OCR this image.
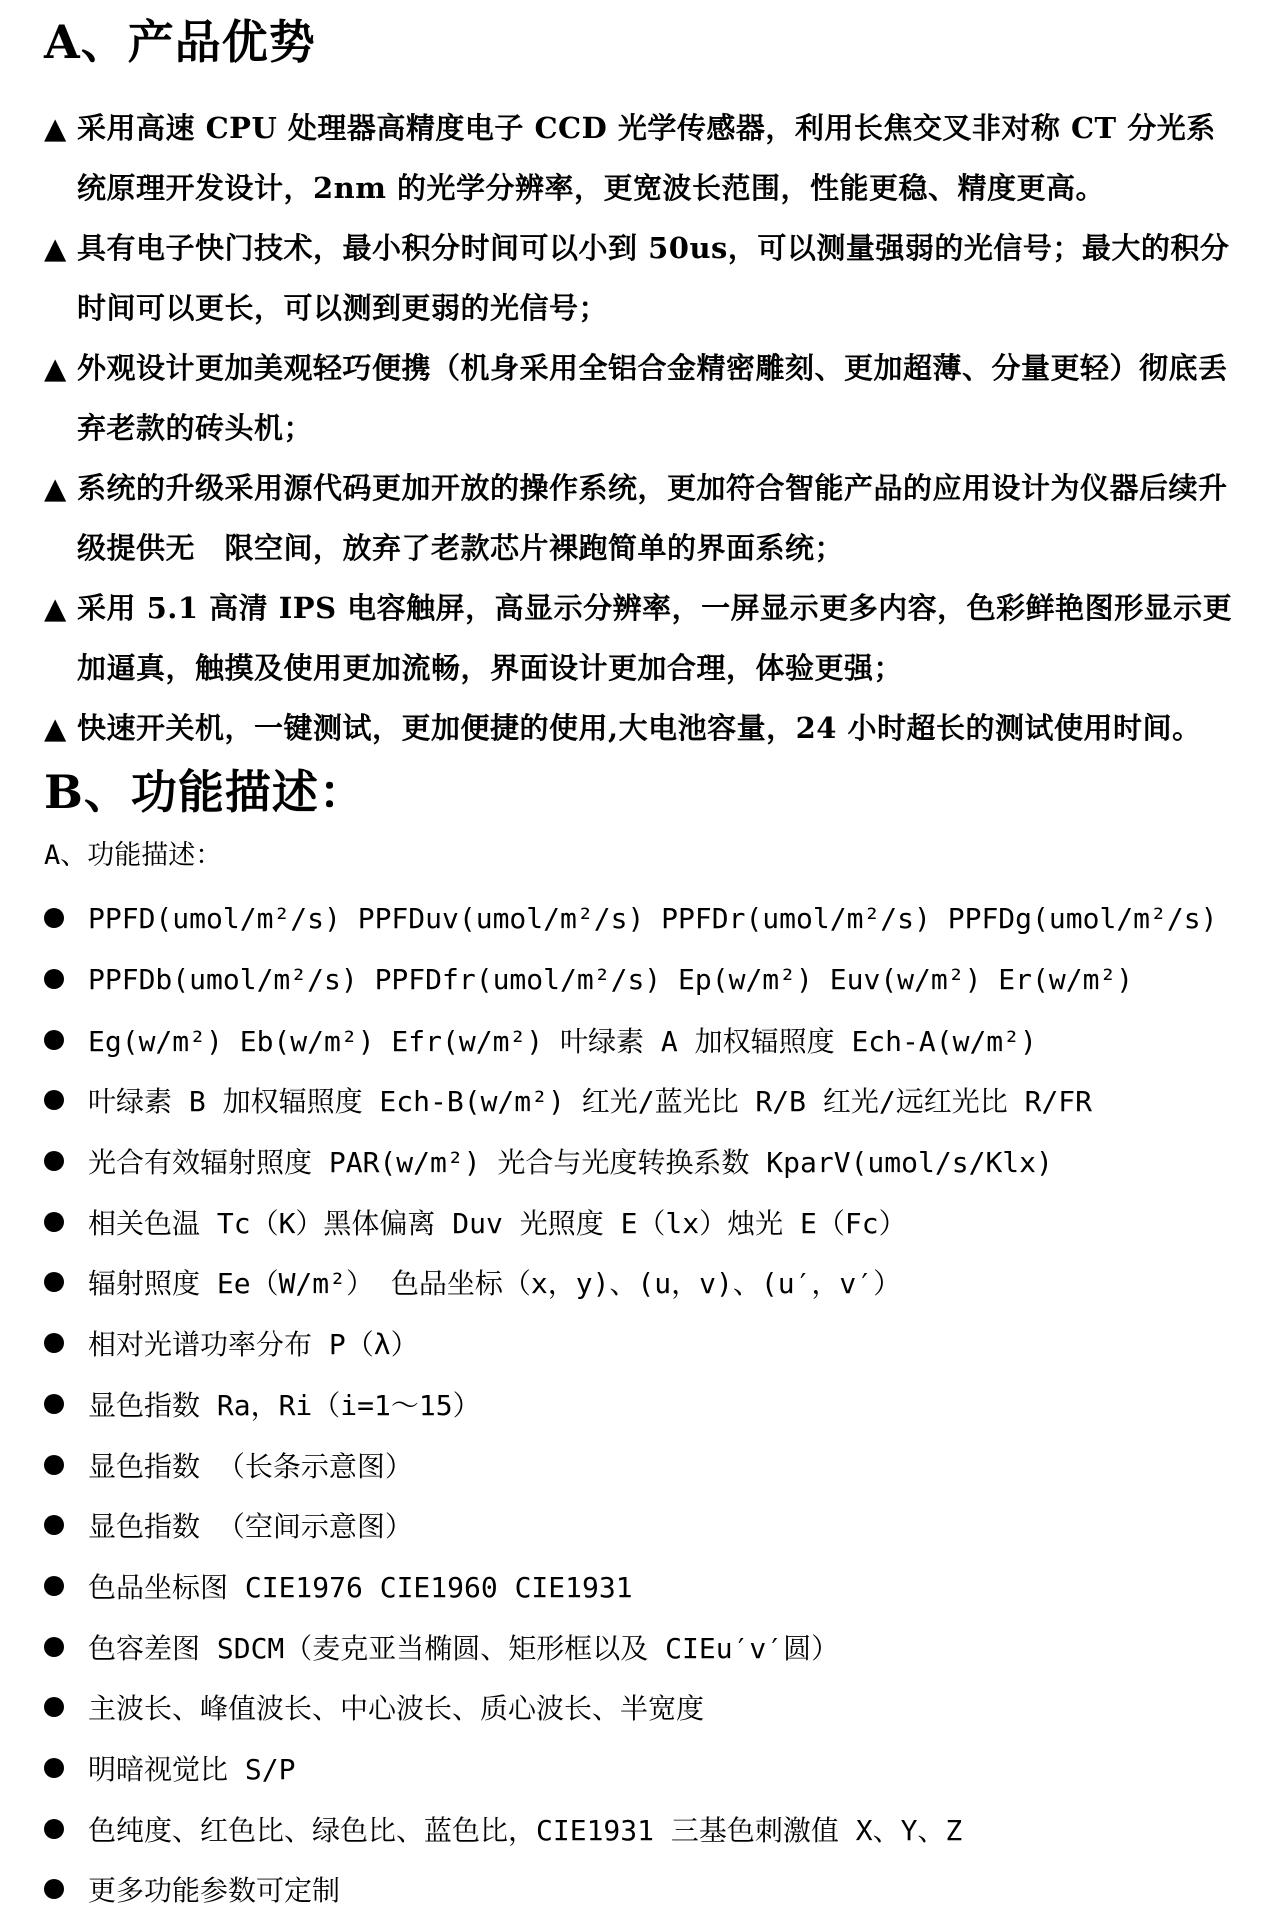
A、产品优势
▲ 采用高速 CPU 处理器高精度电子 CCD 光学传感器，利用长焦交叉非对称 CT 分光系统原理开发设计，2nm 的光学分辨率，更宽波长范围，性能更稳、精度更高。
▲ 具有电子快门技术，最小积分时间可以小到 50us，可以测量强弱的光信号；最大的积分时间可以更长，可以测到更弱的光信号；
▲ 外观设计更加美观轻巧便携（机身采用全铝合金精密雕刻、更加超薄、分量更轻）彻底丢弃老款的砖头机；
▲ 系统的升级采用源代码更加开放的操作系统，更加符合智能产品的应用设计为仪器后续升级提供无　限空间，放弃了老款芯片裸跑简单的界面系统；
▲ 采用 5.1 高清 IPS 电容触屏，高显示分辨率，一屏显示更多内容，色彩鲜艳图形显示更加逼真，触摸及使用更加流畅，界面设计更加合理，体验更强；
▲ 快速开关机，一键测试，更加便捷的使用,大电池容量，24 小时超长的测试使用时间。
B、功能描述：
A、功能描述：
PPFD(umol/m²/s) PPFDuv(umol/m²/s) PPFDr(umol/m²/s) PPFDg(umol/m²/s)
PPFDb(umol/m²/s) PPFDfr(umol/m²/s) Ep(w/m²) Euv(w/m²) Er(w/m²)
Eg(w/m²) Eb(w/m²) Efr(w/m²) 叶绿素 A 加权辐照度 Ech-A(w/m²)
叶绿素 B 加权辐照度 Ech-B(w/m²) 红光/蓝光比 R/B 红光/远红光比 R/FR
光合有效辐射照度 PAR(w/m²) 光合与光度转换系数 KparV(umol/s/Klx)
相关色温 Tc（K）黑体偏离 Duv 光照度 E（lx）烛光 E（Fc）
辐射照度 Ee（W/m²） 色品坐标（x，y)、(u，v)、(u′，v′）
相对光谱功率分布 P（λ）
显色指数 Ra，Ri（i=1～15）
显色指数 （长条示意图）
显色指数 （空间示意图）
色品坐标图 CIE1976 CIE1960 CIE1931
色容差图 SDCM（麦克亚当椭圆、矩形框以及 CIEu′v′圆）
主波长、峰值波长、中心波长、质心波长、半宽度
明暗视觉比 S/P
色纯度、红色比、绿色比、蓝色比，CIE1931 三基色刺激值 X、Y、Z
更多功能参数可定制
